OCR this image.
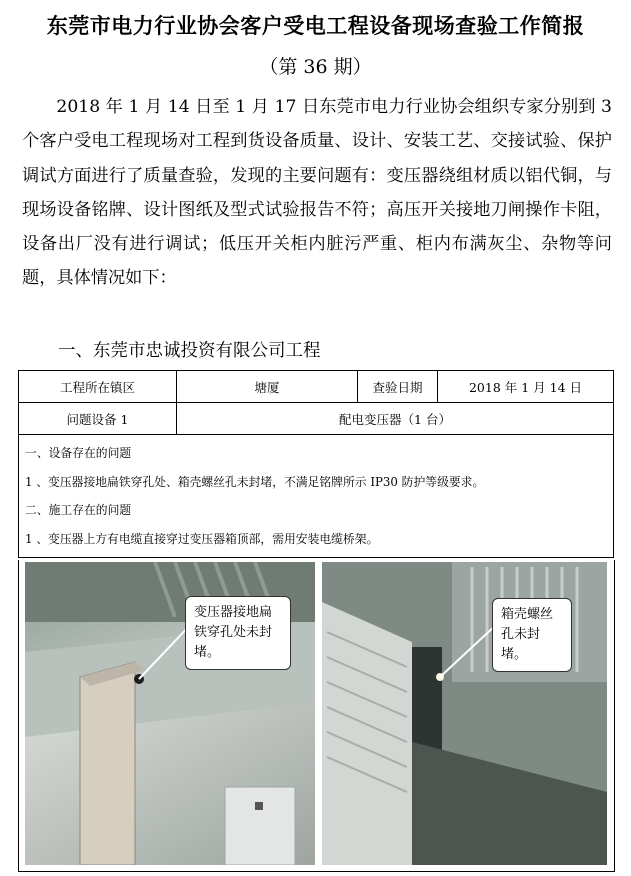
东莞市电力行业协会客户受电工程设备现场查验工作简报
（第 36 期）

2018 年 1 月 14 日至 1 月 17 日东莞市电力行业协会组织专家分别到 3 个客户受电工程现场对工程到货设备质量、设计、安装工艺、交接试验、保护调试方面进行了质量查验，发现的主要问题有：变压器绕组材质以铝代铜，与现场设备铭牌、设计图纸及型式试验报告不符；高压开关接地刀闸操作卡阻，设备出厂没有进行调试；低压开关柜内脏污严重、柜内布满灰尘、杂物等问题，具体情况如下：

一、东莞市忠诚投资有限公司工程
工程所在镇区	塘厦	查验日期	2018 年 1 月 14 日
问题设备 1	配电变压器（1 台）		

一、设备存在的问题
1 、变压器接地扁铁穿孔处、箱壳螺丝孔未封堵，不满足铭牌所示 IP30 防护等级要求。
二、施工存在的问题
1 、变压器上方有电缆直接穿过变压器箱顶部，需用安装电缆桥架。			
变压器接地扁铁穿孔处未封堵。
箱壳螺丝孔未封堵。
